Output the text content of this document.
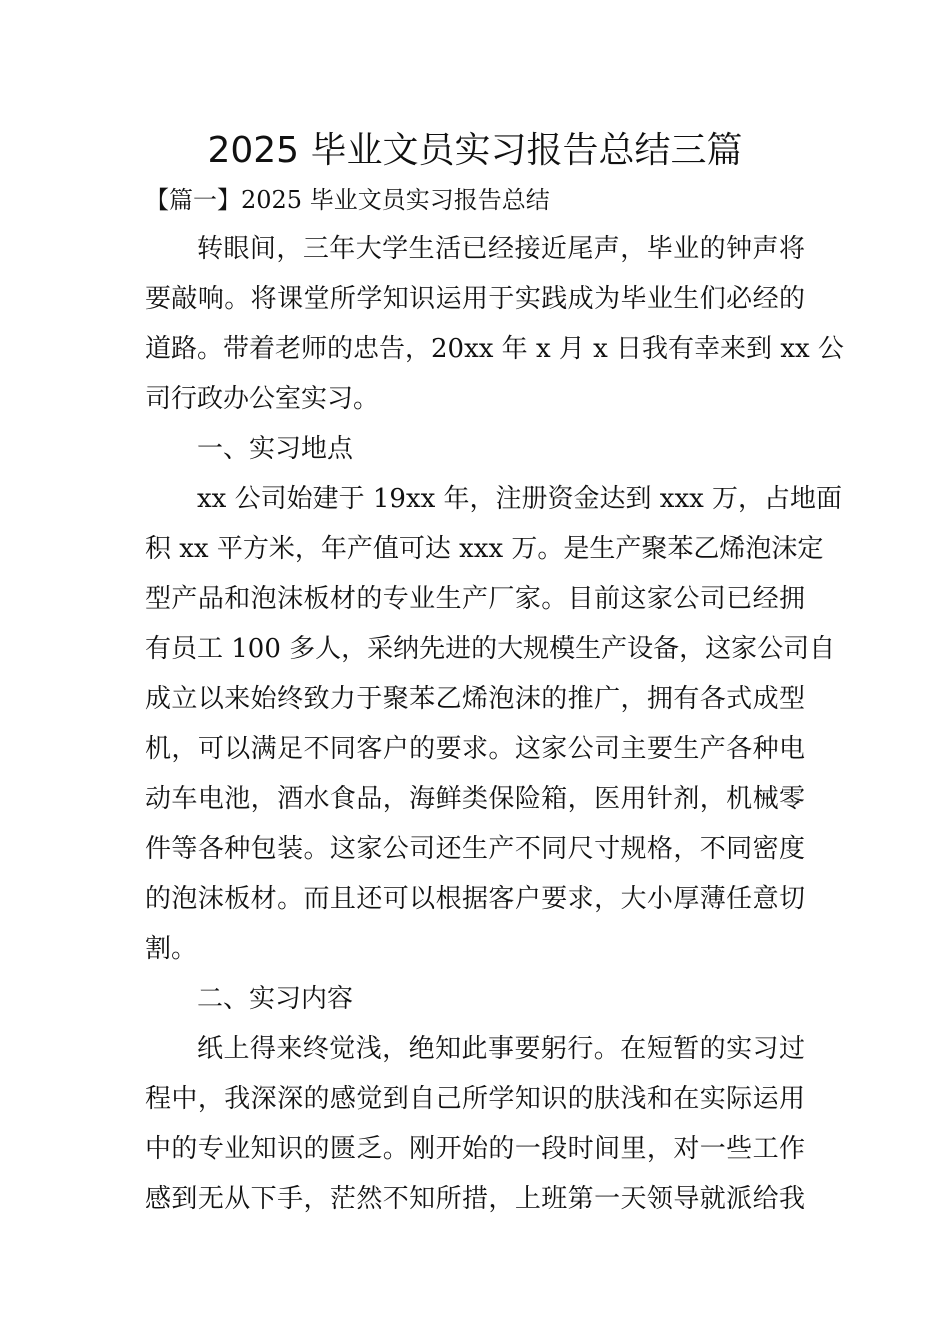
2025 毕业文员实习报告总结三篇
【篇一】2025 毕业文员实习报告总结
转眼间，三年大学生活已经接近尾声，毕业的钟声将
要敲响。将课堂所学知识运用于实践成为毕业生们必经的
道路。带着老师的忠告，20xx 年 x 月 x 日我有幸来到 xx 公
司行政办公室实习。
一、实习地点
xx 公司始建于 19xx 年，注册资金达到 xxx 万，占地面
积 xx 平方米，年产值可达 xxx 万。是生产聚苯乙烯泡沫定
型产品和泡沫板材的专业生产厂家。目前这家公司已经拥
有员工 100 多人，采纳先进的大规模生产设备，这家公司自
成立以来始终致力于聚苯乙烯泡沫的推广，拥有各式成型
机，可以满足不同客户的要求。这家公司主要生产各种电
动车电池，酒水食品，海鲜类保险箱，医用针剂，机械零
件等各种包装。这家公司还生产不同尺寸规格，不同密度
的泡沫板材。而且还可以根据客户要求，大小厚薄任意切
割。
二、实习内容
纸上得来终觉浅，绝知此事要躬行。在短暂的实习过
程中，我深深的感觉到自己所学知识的肤浅和在实际运用
中的专业知识的匮乏。刚开始的一段时间里，对一些工作
感到无从下手，茫然不知所措，上班第一天领导就派给我
